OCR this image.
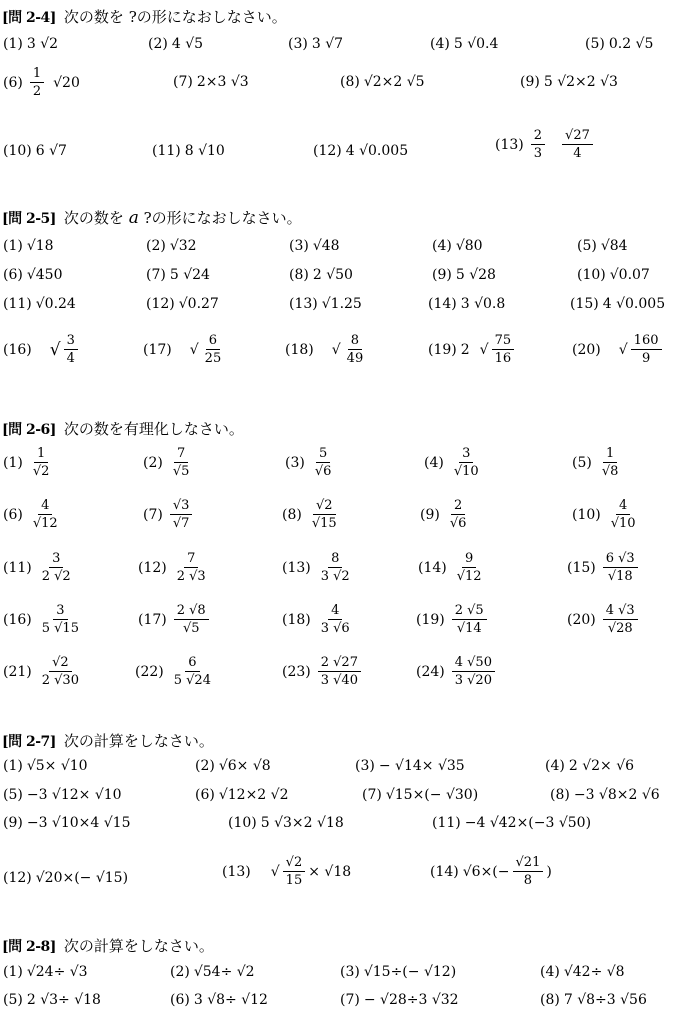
[問 2-4] 次の数を ?の形になおしなさい。
(1) 3 √2	(2) 4 √5	(3) 3 √7	(4) 5 √0.4	(5) 0.2 √5
$(6) \frac{1}{2} √20$	(7) 2×3 √3	(8) √2×2 √5	(9) 5 √2×2 √3
(10) 6 √7	(11) 8 √10	(12) 4 √0.005	$(13) \frac{2}{3} \frac{√27}{4}$
[問 2-5] 次の数を a ?の形になおしなさい。
(1) √18	(2) √32	(3) √48	(4) √80	(5) √84
(6) √450	(7) 5 √24	(8) 2 √50	(9) 5 √28	(10) √0.07
(11) √0.24	(12) √0.27	(13) √1.25	(14) 3 √0.8	(15) 4 √0.005
(16) √ $\frac{3}{4}$	(17) √ $\frac{6}{25}$	(18) √ $\frac{8}{49}$	(19) 2 √ $\frac{75}{16}$	(20) √ $\frac{160}{9}$
[問 2-6] 次の数を有理化しなさい。
$(1) \frac{1}{√2}$	$(2) \frac{7}{√5}$	$(3) \frac{5}{√6}$	$(4) \frac{3}{√10}$	$(5) \frac{1}{√8}$
$(6) \frac{4}{√12}$	$(7) \frac{√3}{√7}$	$(8) \frac{√2}{√15}$	$(9) \frac{2}{√6}$	$(10) \frac{4}{√10}$
$(11) \frac{3}{2 √2}$	$(12) \frac{7}{2 √3}$	$(13) \frac{8}{3 √2}$	$(14) \frac{9}{√12}$	$(15) \frac{6 √3}{√18}$
$(16) \frac{3}{5 √15}$	$(17) \frac{2 √8}{√5}$	$(18) \frac{4}{3 √6}$	$(19) \frac{2 √5}{√14}$	$(20) \frac{4 √3}{√28}$
$(21) \frac{√2}{2 √30}$	$(22) \frac{6}{5 √24}$	$(23) \frac{2 √27}{3 √40}$	$(24) \frac{4 √50}{3 √20}$
[問 2-7] 次の計算をしなさい。
(1) √5× √10	(2) √6× √8	(3) − √14× √35	(4) 2 √2× √6
(5) −3 √12× √10	(6) √12×2 √2	(7) √15×(− √30)	(8) −3 √8×2 √6
(9) −3 √10×4 √15	(10) 5 √3×2 √18	(11) −4 √42×(−3 √50)
(12) √20×(− √15)	(13) √ $\frac{√2}{15} \times √18$	(14) $√6\times(- \frac{√21}{8}$ )
[問 2-8] 次の計算をしなさい。
(1) √24÷ √3	(2) √54÷ √2	(3) √15÷(− √12)	(4) √42÷ √8
(5) 2 √3÷ √18	(6) 3 √8÷ √12	(7) − √28÷3 √32	(8) 7 √8÷3 √56
